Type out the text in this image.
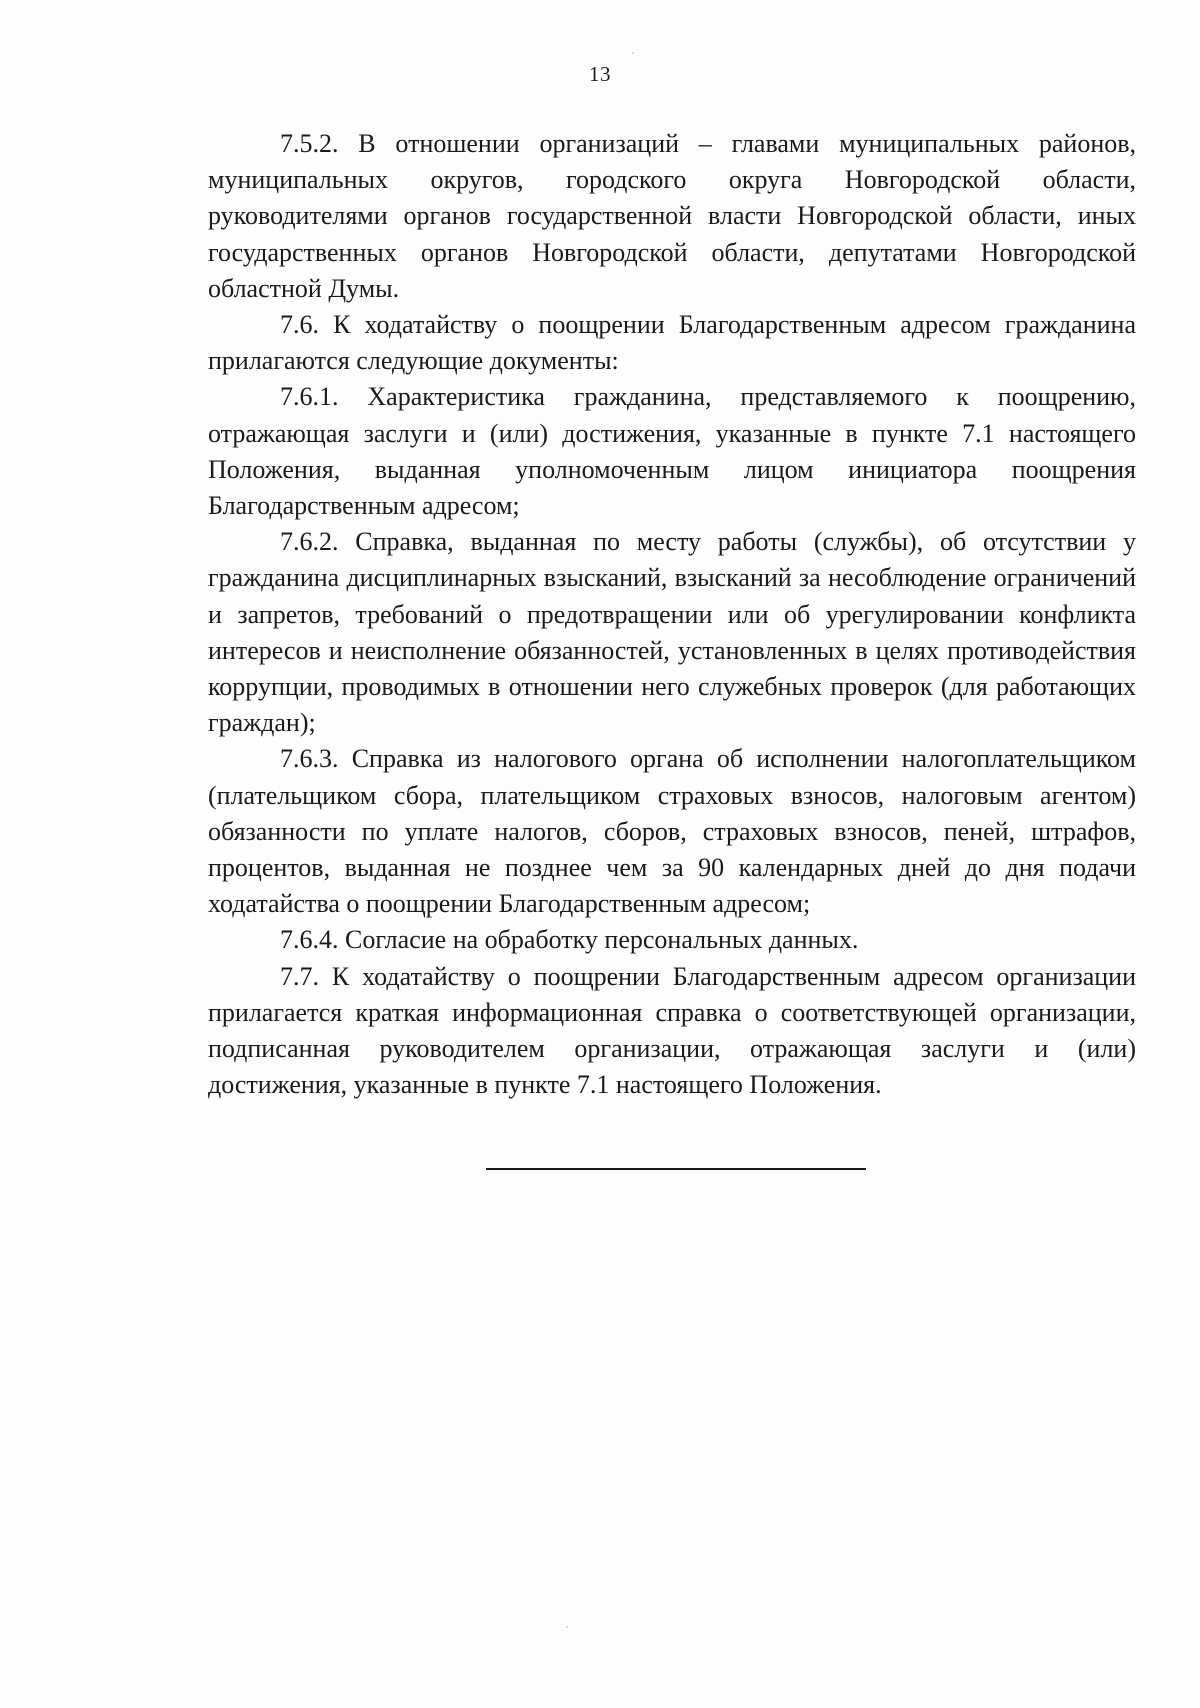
13

7.5.2. В отношении организаций – главами муниципальных районов, муниципальных округов, городского округа Новгородской области, руководителями органов государственной власти Новгородской области, иных государственных органов Новгородской области, депутатами Новгородской областной Думы.

7.6. К ходатайству о поощрении Благодарственным адресом гражданина прилагаются следующие документы:

7.6.1. Характеристика гражданина, представляемого к поощрению, отражающая заслуги и (или) достижения, указанные в пункте 7.1 настоящего Положения, выданная уполномоченным лицом инициатора поощрения Благодарственным адресом;

7.6.2. Справка, выданная по месту работы (службы), об отсутствии у гражданина дисциплинарных взысканий, взысканий за несоблюдение ограничений и запретов, требований о предотвращении или об урегулировании конфликта интересов и неисполнение обязанностей, установленных в целях противодействия коррупции, проводимых в отношении него служебных проверок (для работающих граждан);

7.6.3. Справка из налогового органа об исполнении налогоплательщиком (плательщиком сбора, плательщиком страховых взносов, налоговым агентом) обязанности по уплате налогов, сборов, страховых взносов, пеней, штрафов, процентов, выданная не позднее чем за 90 календарных дней до дня подачи ходатайства о поощрении Благодарственным адресом;

7.6.4. Согласие на обработку персональных данных.

7.7. К ходатайству о поощрении Благодарственным адресом организации прилагается краткая информационная справка о соответствующей организации, подписанная руководителем организации, отражающая заслуги и (или) достижения, указанные в пункте 7.1 настоящего Положения.
